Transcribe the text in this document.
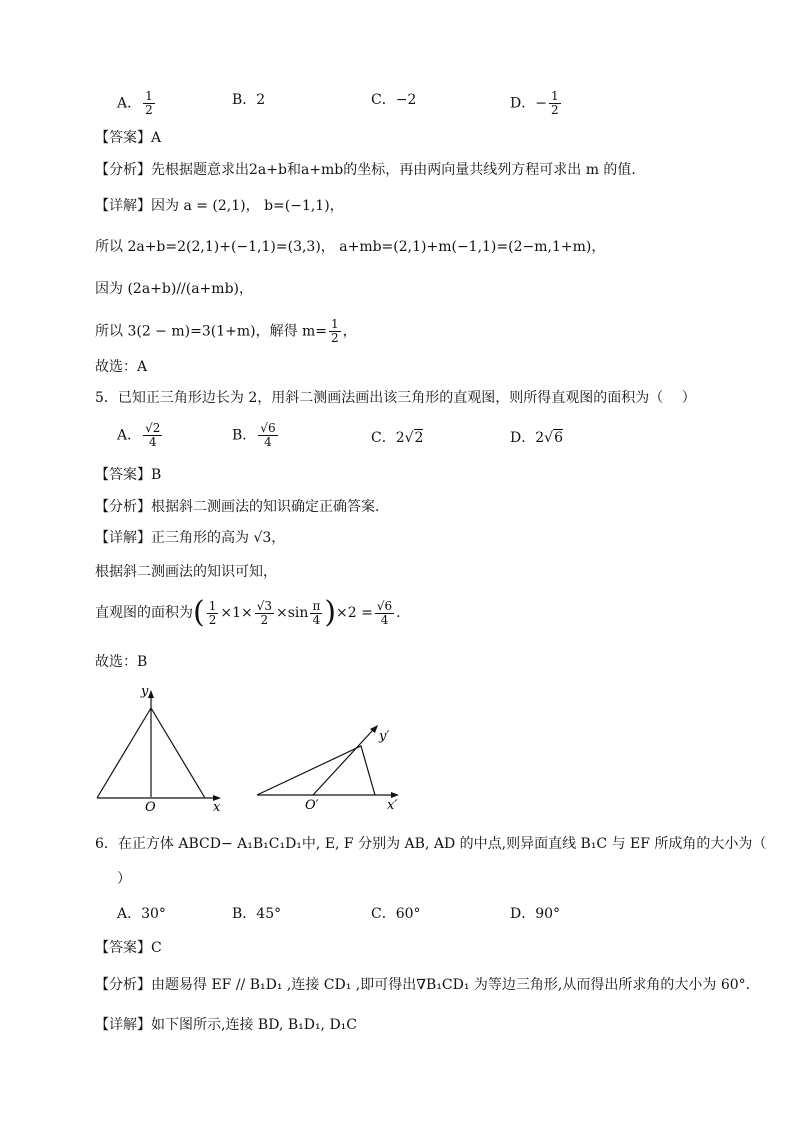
A． $\frac{1}{2}$	B．2	C．−2	D．− $\frac{1}{2}$
【答案】A
【分析】先根据题意求出2a+b和a+mb的坐标，再由两向量共线列方程可求出 m 的值.
【详解】因为 a = (2,1)， b=(−1,1)，
所以 2a+b=2(2,1)+(−1,1)=(3,3)， a+mb=(2,1)+m(−1,1)=(2−m,1+m)，
因为 (2a+b)//(a+mb)，
所以 3(2 − m)=3(1+m)，解得 $m= \frac{1}{2}$ ，
故选：A
5．已知正三角形边长为 2，用斜二测画法画出该三角形的直观图，则所得直观图的面积为（　 ）
A． $\frac{√2}{4}$	B． $\frac{√6}{4}$	C．2√2	D．2√6
【答案】B
【分析】根据斜二测画法的知识确定正确答案.
【详解】正三角形的高为 √3，
根据斜二测画法的知识可知，
直观图的面积为( $\frac{1}{2} \times 1\times \frac{√3}{2} \times\sin \frac{\pi}{4} )\times 2 = \frac{√6}{4}$ .
故选：B
y
O	x
y′
O′	x′
6．在正方体 ABCD− A₁B₁C₁D₁中, E, F 分别为 AB, AD 的中点,则异面直线 B₁C 与 EF 所成角的大小为（
）
A．30°	B．45°	C．60°	D．90°
【答案】C
【分析】由题易得 EF // B₁D₁ ,连接 CD₁ ,即可得出∇B₁CD₁ 为等边三角形,从而得出所求角的大小为 60°.
【详解】如下图所示,连接 BD, B₁D₁, D₁C
